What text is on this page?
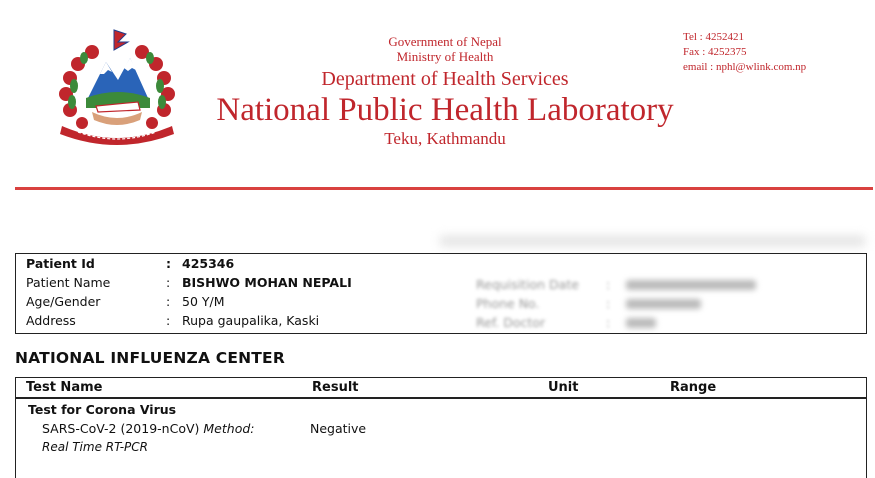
Government of Nepal
Ministry of Health
Department of Health Services
National Public Health Laboratory
Teku, Kathmandu
Tel : 4252421
Fax : 4252375
email : nphl@wlink.com.np
Patient Id	: 425346
Patient Name	: BISHWO MOHAN NEPALI
Age/Gender	: 50 Y/M
Address	: Rupa gaupalika, Kaski
Requisition Date :
Phone No.	:
Ref. Doctor	:
NATIONAL INFLUENZA CENTER
Test Name	Result	Unit	Range
Test for Corona Virus
SARS-CoV-2 (2019-nCoV) Method:	Negative
Real Time RT-PCR
